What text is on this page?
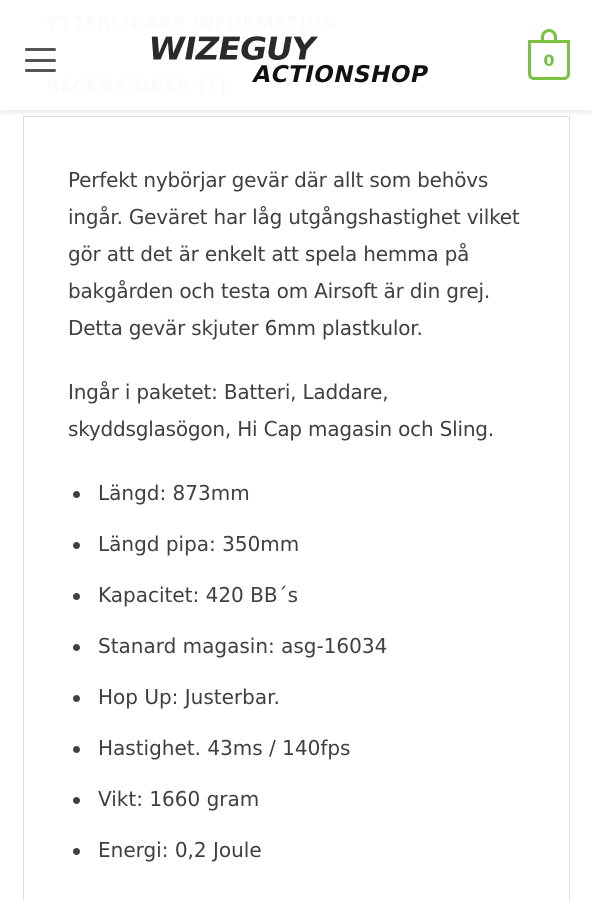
WIZEGUY
ACTIONSHOP
0

Perfekt nybörjar gevär där allt som behövs ingår. Geväret har låg utgångshastighet vilket gör att det är enkelt att spela hemma på bakgården och testa om Airsoft är din grej. Detta gevär skjuter 6mm plastkulor.

Ingår i paketet: Batteri, Laddare, skyddsglasögon, Hi Cap magasin och Sling.

Längd: 873mm
Längd pipa: 350mm
Kapacitet: 420 BB´s
Stanard magasin: asg-16034
Hop Up: Justerbar.
Hastighet. 43ms / 140fps
Vikt: 1660 gram
Energi: 0,2 Joule
